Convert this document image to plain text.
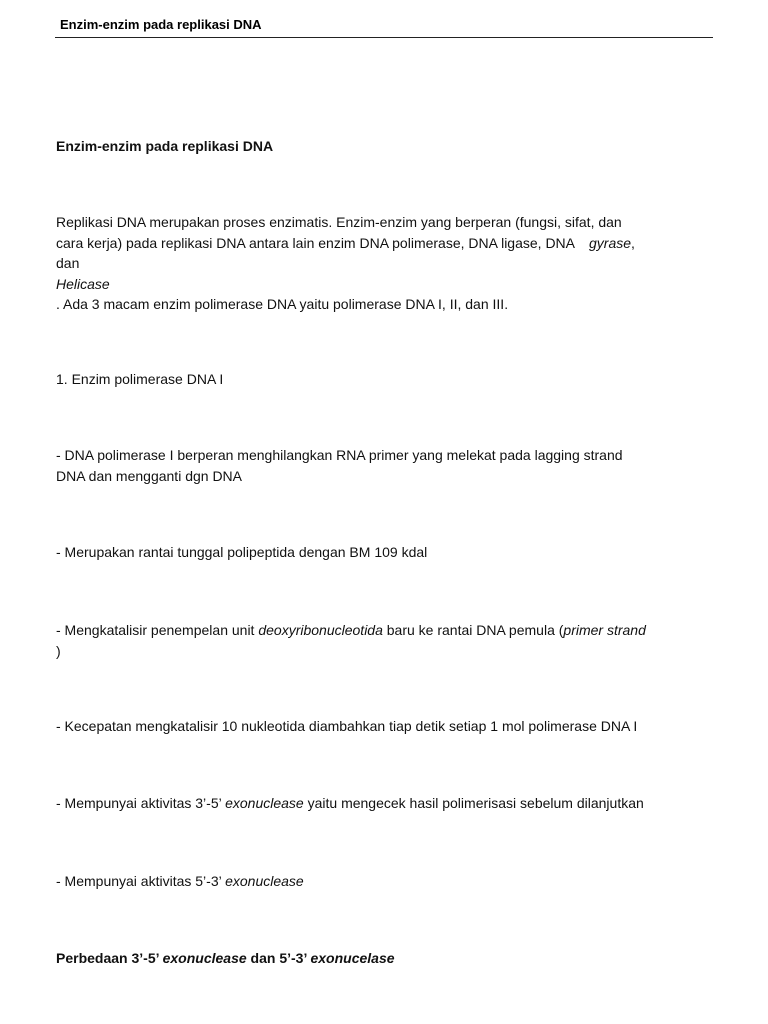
Enzim-enzim pada replikasi DNA
Enzim-enzim pada replikasi DNA
Replikasi DNA merupakan proses enzimatis. Enzim-enzim yang berperan (fungsi, sifat, dan
cara kerja) pada replikasi DNA antara lain enzim DNA polimerase, DNA ligase, DNA gyrase,
dan
Helicase
. Ada 3 macam enzim polimerase DNA yaitu polimerase DNA I, II, dan III.
1. Enzim polimerase DNA I
- DNA polimerase I berperan menghilangkan RNA primer yang melekat pada lagging strand
DNA dan mengganti dgn DNA
- Merupakan rantai tunggal polipeptida dengan BM 109 kdal
- Mengkatalisir penempelan unit deoxyribonucleotida baru ke rantai DNA pemula (primer strand
)
- Kecepatan mengkatalisir 10 nukleotida diambahkan tiap detik setiap 1 mol polimerase DNA I
- Mempunyai aktivitas 3’-5’ exonuclease yaitu mengecek hasil polimerisasi sebelum dilanjutkan
- Mempunyai aktivitas 5’-3’ exonuclease
Perbedaan 3’-5’ exonuclease dan 5’-3’ exonucelase
